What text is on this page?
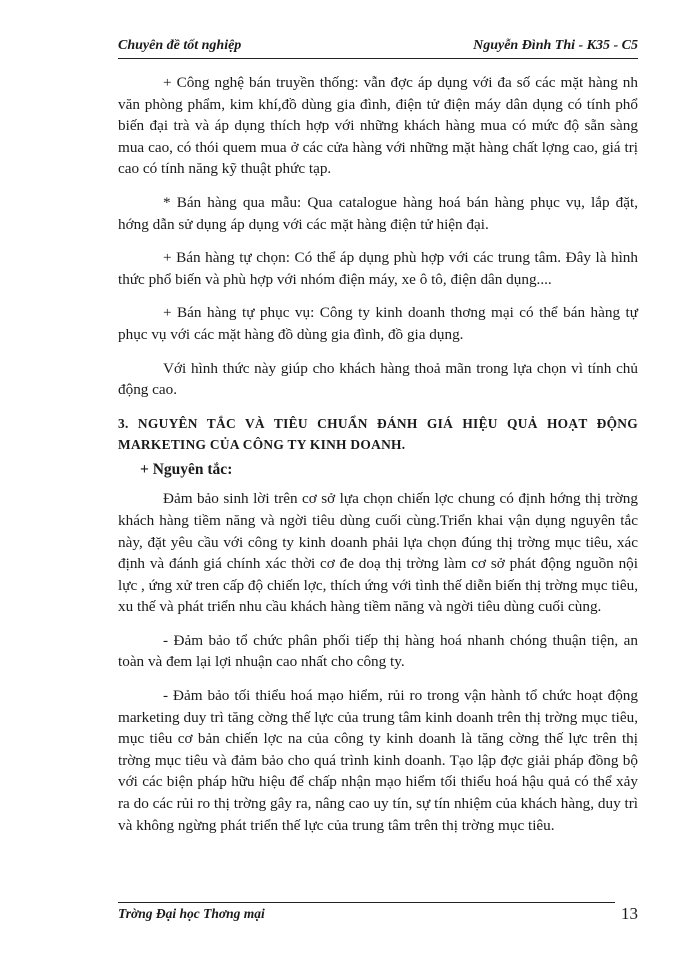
Chuyên đề tốt nghiệp	Nguyễn Đình Thi - K35 - C5

+ Công nghệ bán truyền thống: vẫn đợc áp dụng với đa số các mặt hàng nh văn phòng phẩm, kim khí,đồ dùng gia đình, điện tử điện máy dân dụng có tính phổ biến đại trà và áp dụng thích hợp với những khách hàng mua có mức độ sẵn sàng mua cao, có thói quem mua ở các cửa hàng với những mặt hàng chất lợng cao, giá trị cao có tính năng kỹ thuật phức tạp.

* Bán hàng qua mẫu: Qua catalogue hàng hoá bán hàng phục vụ, lắp đặt, hớng dẫn sử dụng áp dụng với các mặt hàng điện tử hiện đại.

+ Bán hàng tự chọn: Có thể áp dụng phù hợp với các trung tâm. Đây là hình thức phổ biến và phù hợp với nhóm điện máy, xe ô tô, điện dân dụng....

+ Bán hàng tự phục vụ: Công ty kinh doanh thơng mại có thể bán hàng tự phục vụ với các mặt hàng đồ dùng gia đình, đồ gia dụng.

Với hình thức này giúp cho khách hàng thoả mãn trong lựa chọn vì tính chủ động cao.

3. NGUYÊN TẮC VÀ TIÊU CHUẨN ĐÁNH GIÁ HIỆU QUẢ HOẠT ĐỘNG MARKETING CỦA CÔNG TY KINH DOANH.

+ Nguyên tắc:

Đảm bảo sinh lời trên cơ sở lựa chọn chiến lợc chung có định hớng thị trờng khách hàng tiềm năng và ngời tiêu dùng cuối cùng.Triển khai vận dụng nguyên tắc này, đặt yêu cầu với công ty kinh doanh phải lựa chọn đúng thị trờng mục tiêu, xác định và đánh giá chính xác thời cơ đe doạ thị trờng làm cơ sở phát động nguồn nội lực , ứng xử tren cấp độ chiến lợc, thích ứng với tình thế diễn biến thị trờng mục tiêu, xu thế và phát triển nhu cầu khách hàng tiềm năng và ngời tiêu dùng cuối cùng.

- Đảm bảo tổ chức phân phối tiếp thị hàng hoá nhanh chóng thuận tiện, an toàn và đem lại lợi nhuận cao nhất cho công ty.

- Đảm bảo tối thiểu hoá mạo hiểm, rủi ro trong vận hành tổ chức hoạt động marketing duy trì tăng cờng thế lực của trung tâm kinh doanh trên thị trờng mục tiêu, mục tiêu cơ bản chiến lợc na của công ty kinh doanh là tăng cờng thế lực trên thị trờng mục tiêu và đảm bảo cho quá trình kinh doanh. Tạo lập đợc giải pháp đồng bộ với các biện pháp hữu hiệu để chấp nhận mạo hiểm tối thiểu hoá hậu quả có thể xảy ra do các rủi ro thị trờng gây ra, nâng cao uy tín, sự tín nhiệm của khách hàng, duy trì và không ngừng phát triển thế lực của trung tâm trên thị trờng mục tiêu.

Trờng Đại học Thơng mại	13
